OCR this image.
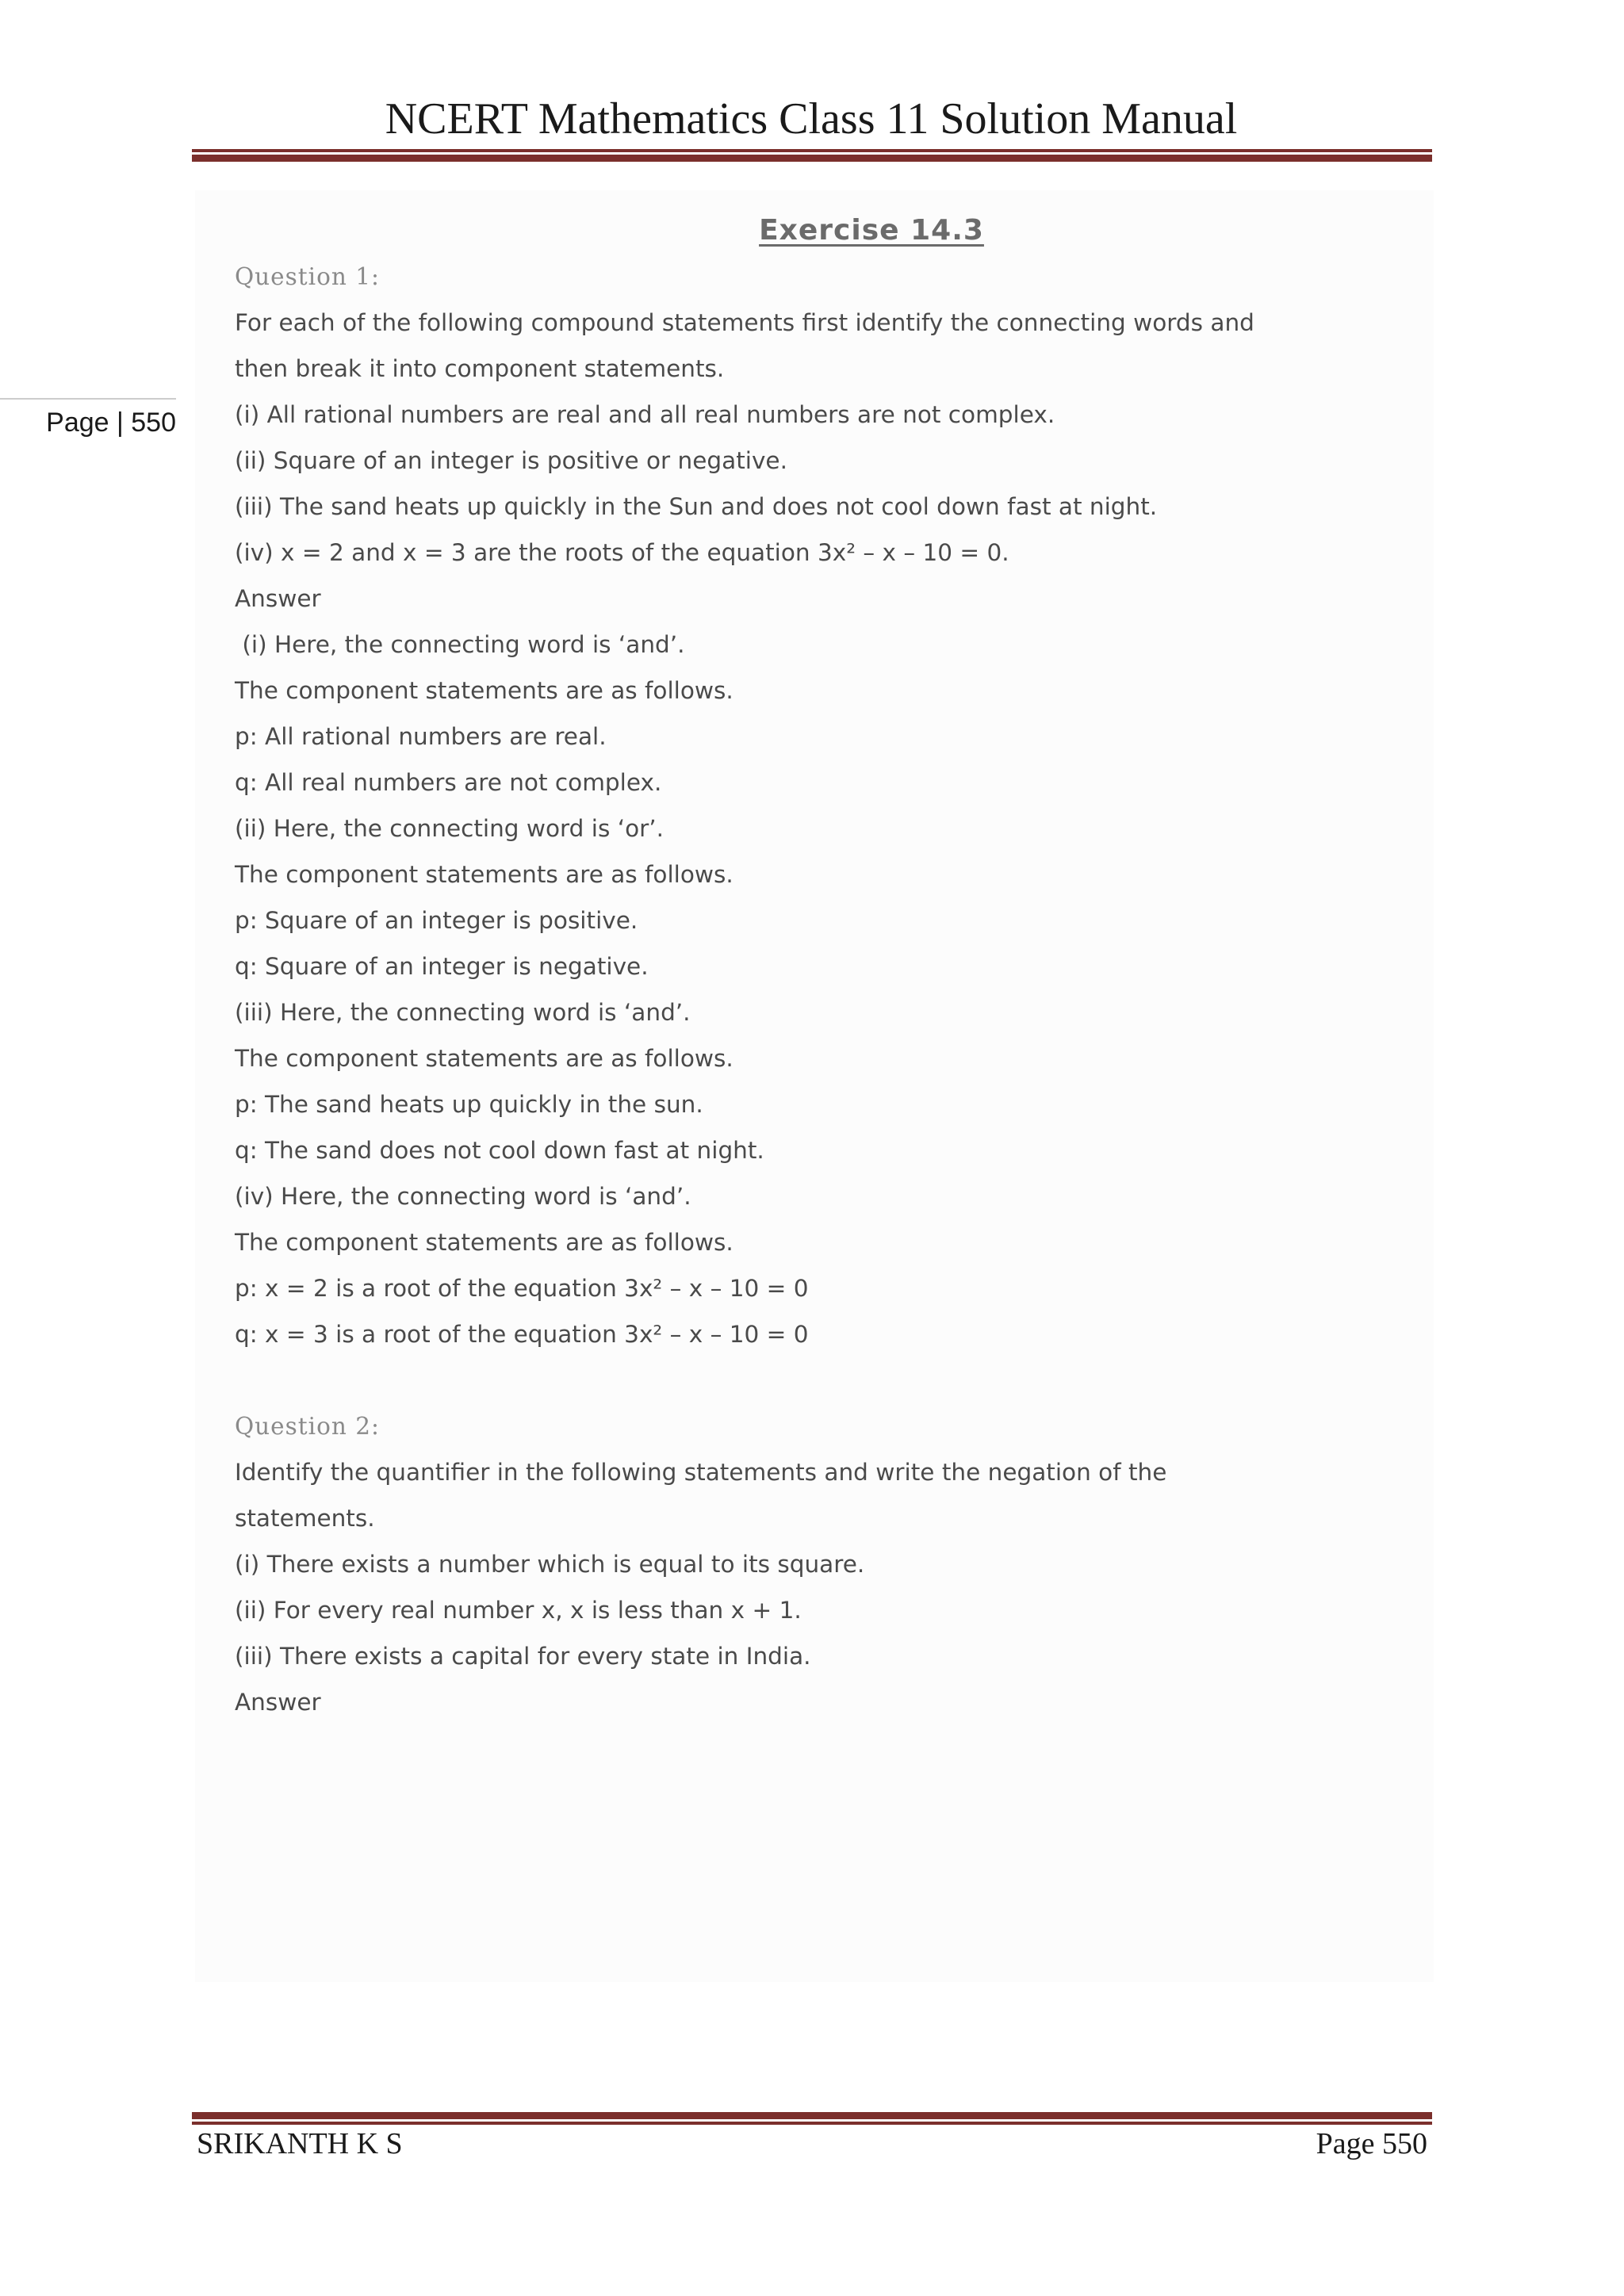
NCERT Mathematics Class 11 Solution Manual
Page | 550
Exercise 14.3
Question 1:
For each of the following compound statements first identify the connecting words and
then break it into component statements.
(i) All rational numbers are real and all real numbers are not complex.
(ii) Square of an integer is positive or negative.
(iii) The sand heats up quickly in the Sun and does not cool down fast at night.
(iv) x = 2 and x = 3 are the roots of the equation 3x² – x – 10 = 0.
Answer
(i) Here, the connecting word is ‘and’.
The component statements are as follows.
p: All rational numbers are real.
q: All real numbers are not complex.
(ii) Here, the connecting word is ‘or’.
The component statements are as follows.
p: Square of an integer is positive.
q: Square of an integer is negative.
(iii) Here, the connecting word is ‘and’.
The component statements are as follows.
p: The sand heats up quickly in the sun.
q: The sand does not cool down fast at night.
(iv) Here, the connecting word is ‘and’.
The component statements are as follows.
p: x = 2 is a root of the equation 3x² – x – 10 = 0
q: x = 3 is a root of the equation 3x² – x – 10 = 0
Question 2:
Identify the quantifier in the following statements and write the negation of the
statements.
(i) There exists a number which is equal to its square.
(ii) For every real number x, x is less than x + 1.
(iii) There exists a capital for every state in India.
Answer
SRIKANTH K S	Page 550
